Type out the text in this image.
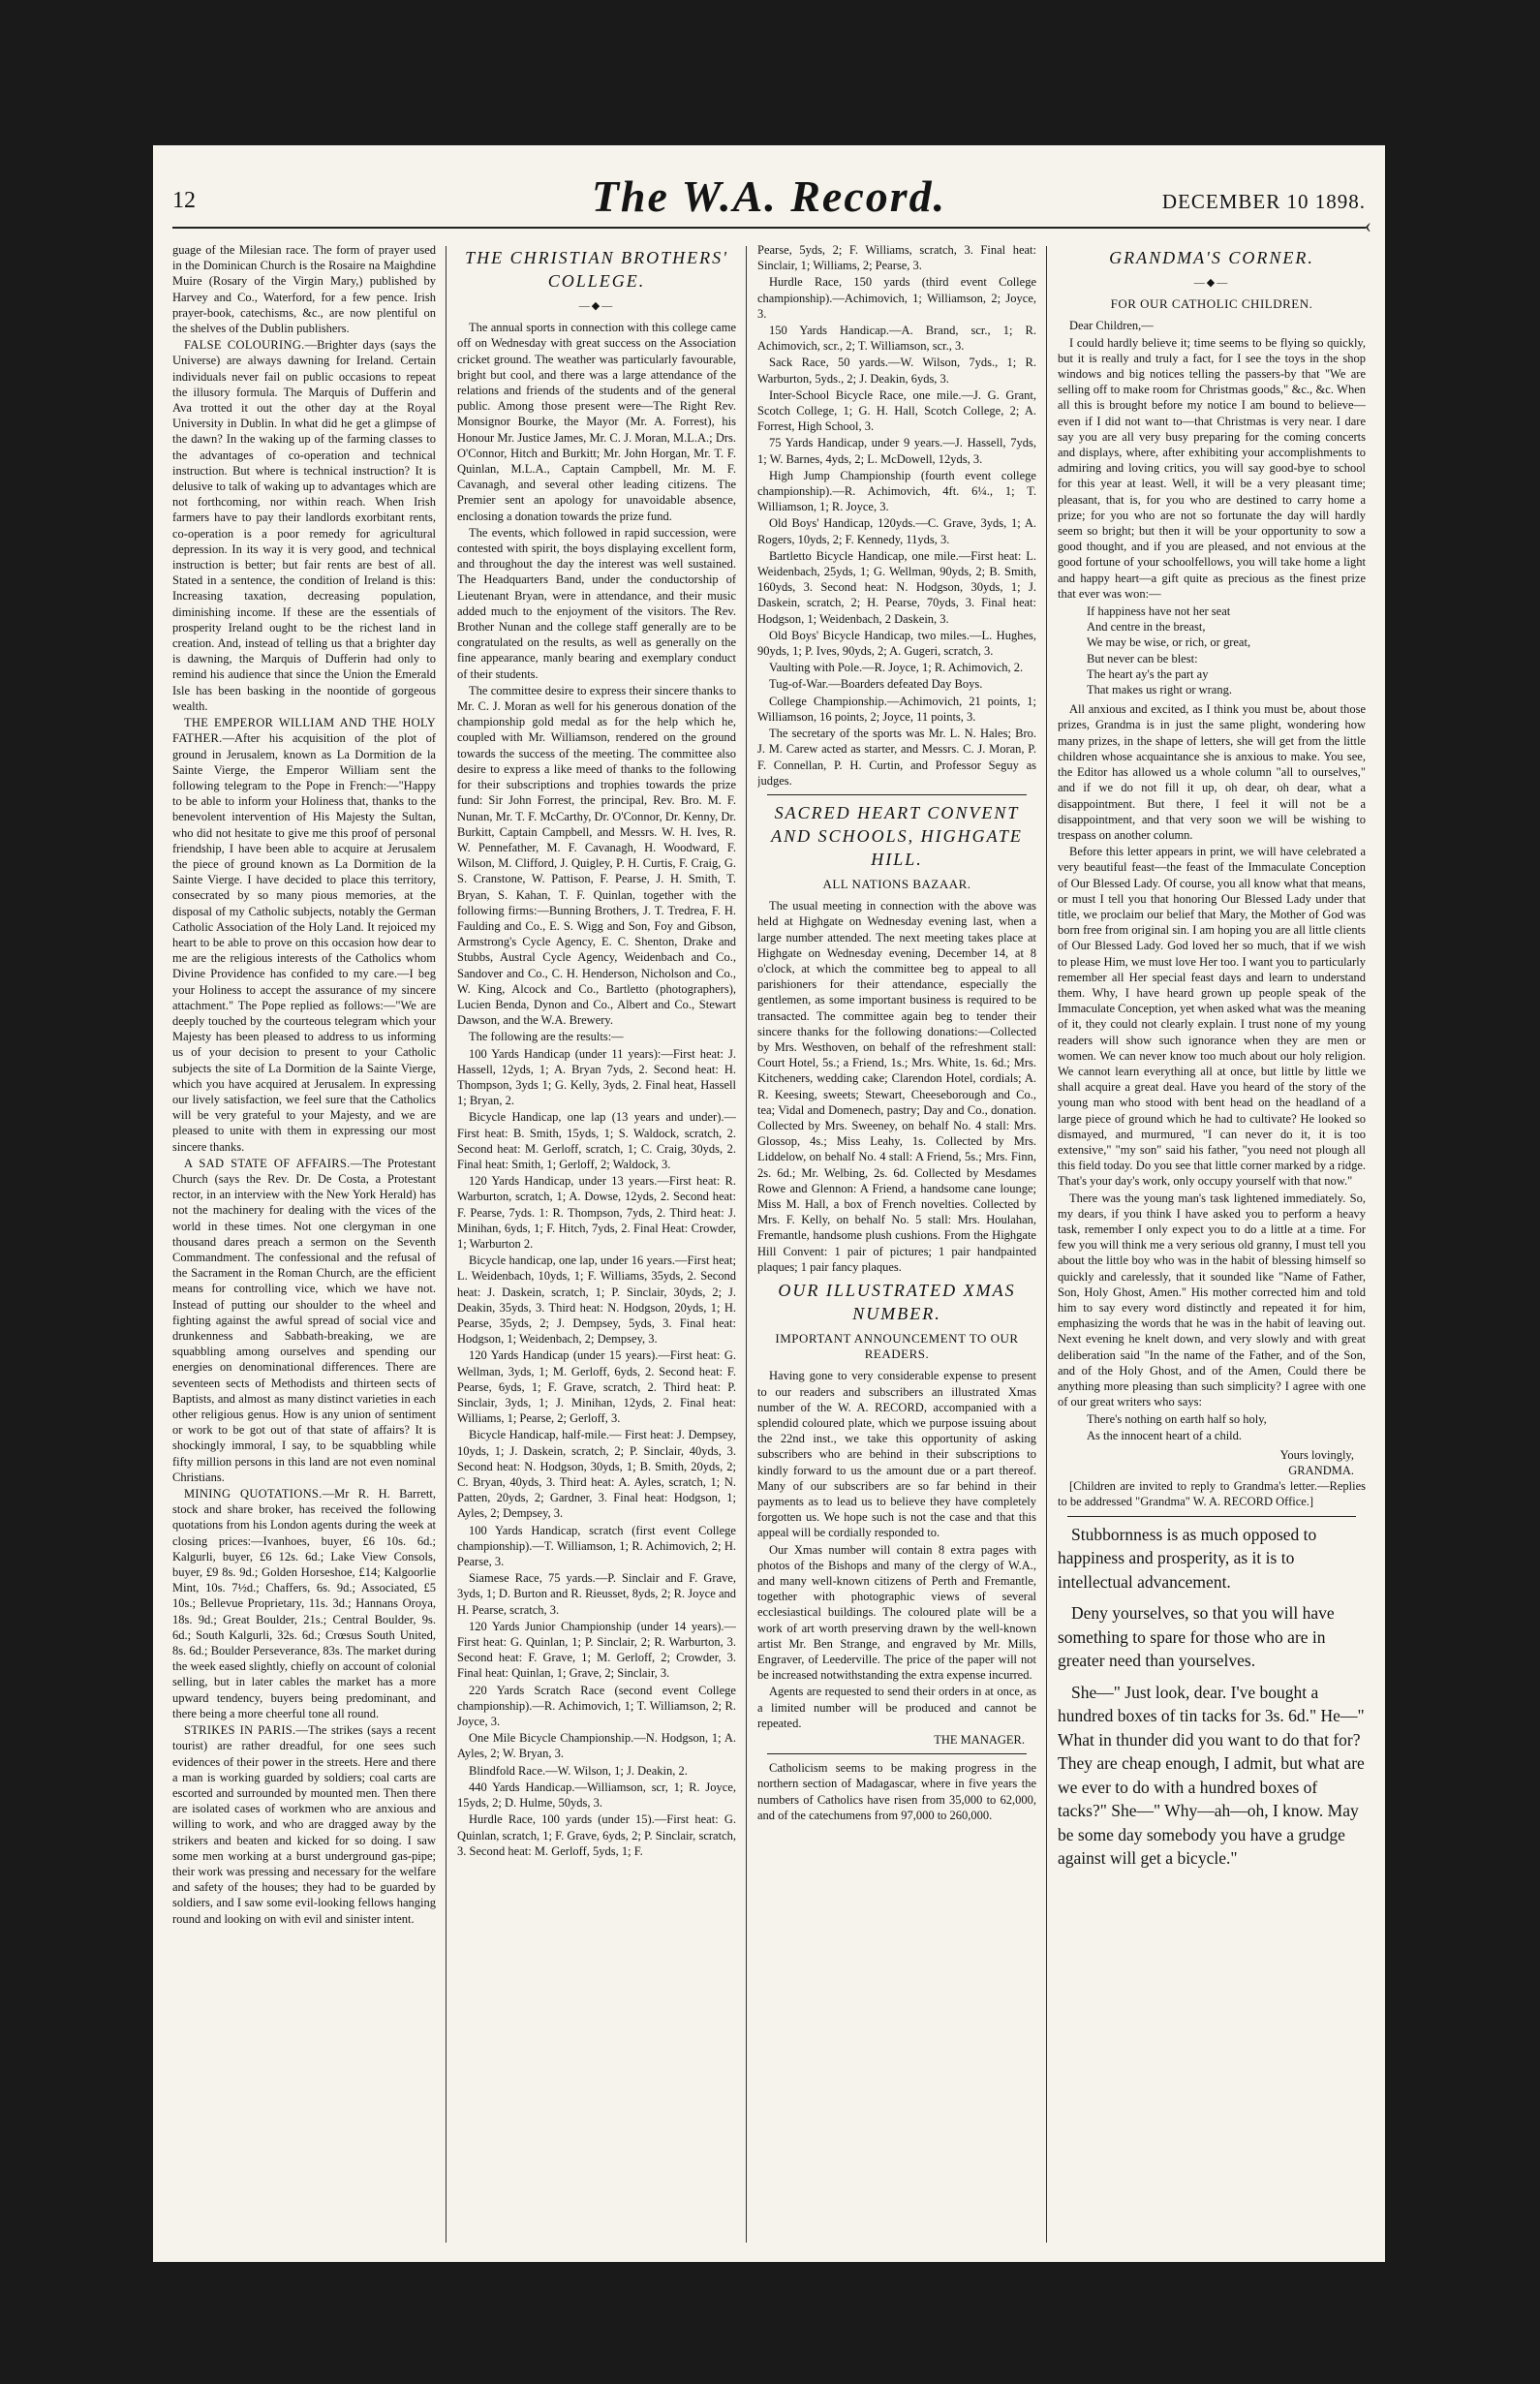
12	The W.A. Record.	DECEMBER 10 1898.
‹

guage of the Milesian race. The form of prayer used in the Dominican Church is the Rosaire na Maighdine Muire (Rosary of the Virgin Mary,) published by Harvey and Co., Waterford, for a few pence. Irish prayer-book, catechisms, &c., are now plentiful on the shelves of the Dublin publishers.

FALSE COLOURING.—Brighter days (says the Universe) are always dawning for Ireland. Certain individuals never fail on public occasions to repeat the illusory formula. The Marquis of Dufferin and Ava trotted it out the other day at the Royal University in Dublin. In what did he get a glimpse of the dawn? In the waking up of the farming classes to the advantages of co-operation and technical instruction. But where is technical instruction? It is delusive to talk of waking up to advantages which are not forthcoming, nor within reach. When Irish farmers have to pay their landlords exorbitant rents, co-operation is a poor remedy for agricultural depression. In its way it is very good, and technical instruction is better; but fair rents are best of all. Stated in a sentence, the condition of Ireland is this: Increasing taxation, decreasing population, diminishing income. If these are the essentials of prosperity Ireland ought to be the richest land in creation. And, instead of telling us that a brighter day is dawning, the Marquis of Dufferin had only to remind his audience that since the Union the Emerald Isle has been basking in the noontide of gorgeous wealth.

THE EMPEROR WILLIAM AND THE HOLY FATHER.—After his acquisition of the plot of ground in Jerusalem, known as La Dormition de la Sainte Vierge, the Emperor William sent the following telegram to the Pope in French:—"Happy to be able to inform your Holiness that, thanks to the benevolent intervention of His Majesty the Sultan, who did not hesitate to give me this proof of personal friendship, I have been able to acquire at Jerusalem the piece of ground known as La Dormition de la Sainte Vierge. I have decided to place this territory, consecrated by so many pious memories, at the disposal of my Catholic subjects, notably the German Catholic Association of the Holy Land. It rejoiced my heart to be able to prove on this occasion how dear to me are the religious interests of the Catholics whom Divine Providence has confided to my care.—I beg your Holiness to accept the assurance of my sincere attachment." The Pope replied as follows:—"We are deeply touched by the courteous telegram which your Majesty has been pleased to address to us informing us of your decision to present to your Catholic subjects the site of La Dormition de la Sainte Vierge, which you have acquired at Jerusalem. In expressing our lively satisfaction, we feel sure that the Catholics will be very grateful to your Majesty, and we are pleased to unite with them in expressing our most sincere thanks.

A SAD STATE OF AFFAIRS.—The Protestant Church (says the Rev. Dr. De Costa, a Protestant rector, in an interview with the New York Herald) has not the machinery for dealing with the vices of the world in these times. Not one clergyman in one thousand dares preach a sermon on the Seventh Commandment. The confessional and the refusal of the Sacrament in the Roman Church, are the efficient means for controlling vice, which we have not. Instead of putting our shoulder to the wheel and fighting against the awful spread of social vice and drunkenness and Sabbath-breaking, we are squabbling among ourselves and spending our energies on denominational differences. There are seventeen sects of Methodists and thirteen sects of Baptists, and almost as many distinct varieties in each other religious genus. How is any union of sentiment or work to be got out of that state of affairs? It is shockingly immoral, I say, to be squabbling while fifty million persons in this land are not even nominal Christians.

MINING QUOTATIONS.—Mr R. H. Barrett, stock and share broker, has received the following quotations from his London agents during the week at closing prices:—Ivanhoes, buyer, £6 10s. 6d.; Kalgurli, buyer, £6 12s. 6d.; Lake View Consols, buyer, £9 8s. 9d.; Golden Horseshoe, £14; Kalgoorlie Mint, 10s. 7½d.; Chaffers, 6s. 9d.; Associated, £5 10s.; Bellevue Proprietary, 11s. 3d.; Hannans Oroya, 18s. 9d.; Great Boulder, 21s.; Central Boulder, 9s. 6d.; South Kalgurli, 32s. 6d.; Crœsus South United, 8s. 6d.; Boulder Perseverance, 83s. The market during the week eased slightly, chiefly on account of colonial selling, but in later cables the market has a more upward tendency, buyers being predominant, and there being a more cheerful tone all round.

STRIKES IN PARIS.—The strikes (says a recent tourist) are rather dreadful, for one sees such evidences of their power in the streets. Here and there a man is working guarded by soldiers; coal carts are escorted and surrounded by mounted men. Then there are isolated cases of workmen who are anxious and willing to work, and who are dragged away by the strikers and beaten and kicked for so doing. I saw some men working at a burst underground gas-pipe; their work was pressing and necessary for the welfare and safety of the houses; they had to be guarded by soldiers, and I saw some evil-looking fellows hanging round and looking on with evil and sinister intent.

THE CHRISTIAN BROTHERS' COLLEGE.
—◆—

The annual sports in connection with this college came off on Wednesday with great success on the Association cricket ground. The weather was particularly favourable, bright but cool, and there was a large attendance of the relations and friends of the students and of the general public. Among those present were—The Right Rev. Monsignor Bourke, the Mayor (Mr. A. Forrest), his Honour Mr. Justice James, Mr. C. J. Moran, M.L.A.; Drs. O'Connor, Hitch and Burkitt; Mr. John Horgan, Mr. T. F. Quinlan, M.L.A., Captain Campbell, Mr. M. F. Cavanagh, and several other leading citizens. The Premier sent an apology for unavoidable absence, enclosing a donation towards the prize fund.

The events, which followed in rapid succession, were contested with spirit, the boys displaying excellent form, and throughout the day the interest was well sustained. The Headquarters Band, under the conductorship of Lieutenant Bryan, were in attendance, and their music added much to the enjoyment of the visitors. The Rev. Brother Nunan and the college staff generally are to be congratulated on the results, as well as generally on the fine appearance, manly bearing and exemplary conduct of their students.

The committee desire to express their sincere thanks to Mr. C. J. Moran as well for his generous donation of the championship gold medal as for the help which he, coupled with Mr. Williamson, rendered on the ground towards the success of the meeting. The committee also desire to express a like meed of thanks to the following for their subscriptions and trophies towards the prize fund: Sir John Forrest, the principal, Rev. Bro. M. F. Nunan, Mr. T. F. McCarthy, Dr. O'Connor, Dr. Kenny, Dr. Burkitt, Captain Campbell, and Messrs. W. H. Ives, R. W. Pennefather, M. F. Cavanagh, H. Woodward, F. Wilson, M. Clifford, J. Quigley, P. H. Curtis, F. Craig, G. S. Cranstone, W. Pattison, F. Pearse, J. H. Smith, T. Bryan, S. Kahan, T. F. Quinlan, together with the following firms:—Bunning Brothers, J. T. Tredrea, F. H. Faulding and Co., E. S. Wigg and Son, Foy and Gibson, Armstrong's Cycle Agency, E. C. Shenton, Drake and Stubbs, Austral Cycle Agency, Weidenbach and Co., Sandover and Co., C. H. Henderson, Nicholson and Co., W. King, Alcock and Co., Bartletto (photographers), Lucien Benda, Dynon and Co., Albert and Co., Stewart Dawson, and the W.A. Brewery.

The following are the results:—

100 Yards Handicap (under 11 years):—First heat: J. Hassell, 12yds, 1; A. Bryan 7yds, 2. Second heat: H. Thompson, 3yds 1; G. Kelly, 3yds, 2. Final heat, Hassell 1; Bryan, 2.

Bicycle Handicap, one lap (13 years and under).—First heat: B. Smith, 15yds, 1; S. Waldock, scratch, 2. Second heat: M. Gerloff, scratch, 1; C. Craig, 30yds, 2. Final heat: Smith, 1; Gerloff, 2; Waldock, 3.

120 Yards Handicap, under 13 years.—First heat: R. Warburton, scratch, 1; A. Dowse, 12yds, 2. Second heat: F. Pearse, 7yds. 1: R. Thompson, 7yds, 2. Third heat: J. Minihan, 6yds, 1; F. Hitch, 7yds, 2. Final Heat: Crowder, 1; Warburton 2.

Bicycle handicap, one lap, under 16 years.—First heat; L. Weidenbach, 10yds, 1; F. Williams, 35yds, 2. Second heat: J. Daskein, scratch, 1; P. Sinclair, 30yds, 2; J. Deakin, 35yds, 3. Third heat: N. Hodgson, 20yds, 1; H. Pearse, 35yds, 2; J. Dempsey, 5yds, 3. Final heat: Hodgson, 1; Weidenbach, 2; Dempsey, 3.

120 Yards Handicap (under 15 years).—First heat: G. Wellman, 3yds, 1; M. Gerloff, 6yds, 2. Second heat: F. Pearse, 6yds, 1; F. Grave, scratch, 2. Third heat: P. Sinclair, 3yds, 1; J. Minihan, 12yds, 2. Final heat: Williams, 1; Pearse, 2; Gerloff, 3.

Bicycle Handicap, half-mile.— First heat: J. Dempsey, 10yds, 1; J. Daskein, scratch, 2; P. Sinclair, 40yds, 3. Second heat: N. Hodgson, 30yds, 1; B. Smith, 20yds, 2; C. Bryan, 40yds, 3. Third heat: A. Ayles, scratch, 1; N. Patten, 20yds, 2; Gardner, 3. Final heat: Hodgson, 1; Ayles, 2; Dempsey, 3.

100 Yards Handicap, scratch (first event College championship).—T. Williamson, 1; R. Achimovich, 2; H. Pearse, 3.

Siamese Race, 75 yards.—P. Sinclair and F. Grave, 3yds, 1; D. Burton and R. Rieusset, 8yds, 2; R. Joyce and H. Pearse, scratch, 3.

120 Yards Junior Championship (under 14 years).—First heat: G. Quinlan, 1; P. Sinclair, 2; R. Warburton, 3. Second heat: F. Grave, 1; M. Gerloff, 2; Crowder, 3. Final heat: Quinlan, 1; Grave, 2; Sinclair, 3.

220 Yards Scratch Race (second event College championship).—R. Achimovich, 1; T. Williamson, 2; R. Joyce, 3.

One Mile Bicycle Championship.—N. Hodgson, 1; A. Ayles, 2; W. Bryan, 3.

Blindfold Race.—W. Wilson, 1; J. Deakin, 2.

440 Yards Handicap.—Williamson, scr, 1; R. Joyce, 15yds, 2; D. Hulme, 50yds, 3.

Hurdle Race, 100 yards (under 15).—First heat: G. Quinlan, scratch, 1; F. Grave, 6yds, 2; P. Sinclair, scratch, 3. Second heat: M. Gerloff, 5yds, 1; F.

Pearse, 5yds, 2; F. Williams, scratch, 3. Final heat: Sinclair, 1; Williams, 2; Pearse, 3.

Hurdle Race, 150 yards (third event College championship).—Achimovich, 1; Williamson, 2; Joyce, 3.

150 Yards Handicap.—A. Brand, scr., 1; R. Achimovich, scr., 2; T. Williamson, scr., 3.

Sack Race, 50 yards.—W. Wilson, 7yds., 1; R. Warburton, 5yds., 2; J. Deakin, 6yds, 3.

Inter-School Bicycle Race, one mile.—J. G. Grant, Scotch College, 1; G. H. Hall, Scotch College, 2; A. Forrest, High School, 3.

75 Yards Handicap, under 9 years.—J. Hassell, 7yds, 1; W. Barnes, 4yds, 2; L. McDowell, 12yds, 3.

High Jump Championship (fourth event college championship).—R. Achimovich, 4ft. 6¼., 1; T. Williamson, 1; R. Joyce, 3.

Old Boys' Handicap, 120yds.—C. Grave, 3yds, 1; A. Rogers, 10yds, 2; F. Kennedy, 11yds, 3.

Bartletto Bicycle Handicap, one mile.—First heat: L. Weidenbach, 25yds, 1; G. Wellman, 90yds, 2; B. Smith, 160yds, 3. Second heat: N. Hodgson, 30yds, 1; J. Daskein, scratch, 2; H. Pearse, 70yds, 3. Final heat: Hodgson, 1; Weidenbach, 2 Daskein, 3.

Old Boys' Bicycle Handicap, two miles.—L. Hughes, 90yds, 1; P. Ives, 90yds, 2; A. Gugeri, scratch, 3.

Vaulting with Pole.—R. Joyce, 1; R. Achimovich, 2.

Tug-of-War.—Boarders defeated Day Boys.

College Championship.—Achimovich, 21 points, 1; Williamson, 16 points, 2; Joyce, 11 points, 3.

The secretary of the sports was Mr. L. N. Hales; Bro. J. M. Carew acted as starter, and Messrs. C. J. Moran, P. F. Connellan, P. H. Curtin, and Professor Seguy as judges.

SACRED HEART CONVENT AND SCHOOLS, HIGHGATE HILL.
ALL NATIONS BAZAAR.

The usual meeting in connection with the above was held at Highgate on Wednesday evening last, when a large number attended. The next meeting takes place at Highgate on Wednesday evening, December 14, at 8 o'clock, at which the committee beg to appeal to all parishioners for their attendance, especially the gentlemen, as some important business is required to be transacted. The committee again beg to tender their sincere thanks for the following donations:—Collected by Mrs. Westhoven, on behalf of the refreshment stall: Court Hotel, 5s.; a Friend, 1s.; Mrs. White, 1s. 6d.; Mrs. Kitcheners, wedding cake; Clarendon Hotel, cordials; A. R. Keesing, sweets; Stewart, Cheeseborough and Co., tea; Vidal and Domenech, pastry; Day and Co., donation. Collected by Mrs. Sweeney, on behalf No. 4 stall: Mrs. Glossop, 4s.; Miss Leahy, 1s. Collected by Mrs. Liddelow, on behalf No. 4 stall: A Friend, 5s.; Mrs. Finn, 2s. 6d.; Mr. Welbing, 2s. 6d. Collected by Mesdames Rowe and Glennon: A Friend, a handsome cane lounge; Miss M. Hall, a box of French novelties. Collected by Mrs. F. Kelly, on behalf No. 5 stall: Mrs. Houlahan, Fremantle, handsome plush cushions. From the Highgate Hill Convent: 1 pair of pictures; 1 pair handpainted plaques; 1 pair fancy plaques.

OUR ILLUSTRATED XMAS NUMBER.
IMPORTANT ANNOUNCEMENT TO OUR READERS.

Having gone to very considerable expense to present to our readers and subscribers an illustrated Xmas number of the W. A. RECORD, accompanied with a splendid coloured plate, which we purpose issuing about the 22nd inst., we take this opportunity of asking subscribers who are behind in their subscriptions to kindly forward to us the amount due or a part thereof. Many of our subscribers are so far behind in their payments as to lead us to believe they have completely forgotten us. We hope such is not the case and that this appeal will be cordially responded to.

Our Xmas number will contain 8 extra pages with photos of the Bishops and many of the clergy of W.A., and many well-known citizens of Perth and Fremantle, together with photographic views of several ecclesiastical buildings. The coloured plate will be a work of art worth preserving drawn by the well-known artist Mr. Ben Strange, and engraved by Mr. Mills, Engraver, of Leederville. The price of the paper will not be increased notwithstanding the extra expense incurred.

Agents are requested to send their orders in at once, as a limited number will be produced and cannot be repeated.

THE MANAGER.

Catholicism seems to be making progress in the northern section of Madagascar, where in five years the numbers of Catholics have risen from 35,000 to 62,000, and of the catechumens from 97,000 to 260,000.

GRANDMA'S CORNER.
—◆—
FOR OUR CATHOLIC CHILDREN.

Dear Children,—

I could hardly believe it; time seems to be flying so quickly, but it is really and truly a fact, for I see the toys in the shop windows and big notices telling the passers-by that "We are selling off to make room for Christmas goods," &c., &c. When all this is brought before my notice I am bound to believe—even if I did not want to—that Christmas is very near. I dare say you are all very busy preparing for the coming concerts and displays, where, after exhibiting your accomplishments to admiring and loving critics, you will say good-bye to school for this year at least. Well, it will be a very pleasant time; pleasant, that is, for you who are destined to carry home a prize; for you who are not so fortunate the day will hardly seem so bright; but then it will be your opportunity to sow a good thought, and if you are pleased, and not envious at the good fortune of your schoolfellows, you will take home a light and happy heart—a gift quite as precious as the finest prize that ever was won:—

If happiness have not her seat
And centre in the breast,
We may be wise, or rich, or great,
But never can be blest:
The heart ay's the part ay
That makes us right or wrang.

All anxious and excited, as I think you must be, about those prizes, Grandma is in just the same plight, wondering how many prizes, in the shape of letters, she will get from the little children whose acquaintance she is anxious to make. You see, the Editor has allowed us a whole column "all to ourselves," and if we do not fill it up, oh dear, oh dear, what a disappointment. But there, I feel it will not be a disappointment, and that very soon we will be wishing to trespass on another column.

Before this letter appears in print, we will have celebrated a very beautiful feast—the feast of the Immaculate Conception of Our Blessed Lady. Of course, you all know what that means, or must I tell you that honoring Our Blessed Lady under that title, we proclaim our belief that Mary, the Mother of God was born free from original sin. I am hoping you are all little clients of Our Blessed Lady. God loved her so much, that if we wish to please Him, we must love Her too. I want you to particularly remember all Her special feast days and learn to understand them. Why, I have heard grown up people speak of the Immaculate Conception, yet when asked what was the meaning of it, they could not clearly explain. I trust none of my young readers will show such ignorance when they are men or women. We can never know too much about our holy religion. We cannot learn everything all at once, but little by little we shall acquire a great deal. Have you heard of the story of the young man who stood with bent head on the headland of a large piece of ground which he had to cultivate? He looked so dismayed, and murmured, "I can never do it, it is too extensive," "my son" said his father, "you need not plough all this field today. Do you see that little corner marked by a ridge. That's your day's work, only occupy yourself with that now."

There was the young man's task lightened immediately. So, my dears, if you think I have asked you to perform a heavy task, remember I only expect you to do a little at a time. For few you will think me a very serious old granny, I must tell you about the little boy who was in the habit of blessing himself so quickly and carelessly, that it sounded like "Name of Father, Son, Holy Ghost, Amen." His mother corrected him and told him to say every word distinctly and repeated it for him, emphasizing the words that he was in the habit of leaving out. Next evening he knelt down, and very slowly and with great deliberation said "In the name of the Father, and of the Son, and of the Holy Ghost, and of the Amen, Could there be anything more pleasing than such simplicity? I agree with one of our great writers who says:

There's nothing on earth half so holy,
As the innocent heart of a child.
Yours lovingly,
GRANDMA.

[Children are invited to reply to Grandma's letter.—Replies to be addressed "Grandma" W. A. RECORD Office.]

Stubbornness is as much opposed to happiness and prosperity, as it is to intellectual advancement.

Deny yourselves, so that you will have something to spare for those who are in greater need than yourselves.

She—" Just look, dear. I've bought a hundred boxes of tin tacks for 3s. 6d." He—" What in thunder did you want to do that for? They are cheap enough, I admit, but what are we ever to do with a hundred boxes of tacks?" She—" Why—ah—oh, I know. May be some day somebody you have a grudge against will get a bicycle."
